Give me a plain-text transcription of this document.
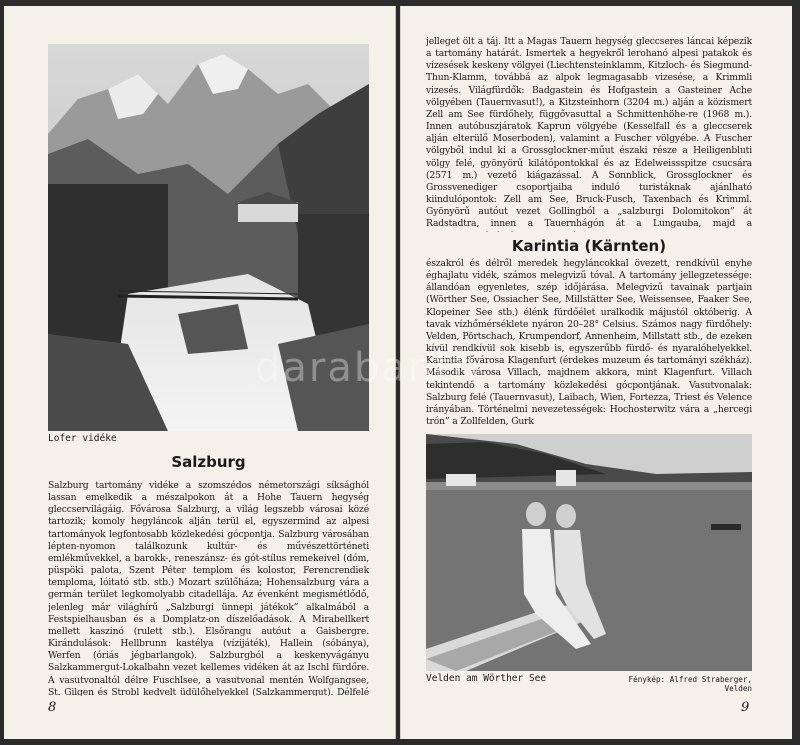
Lofer vidéke
Salzburg
Salzburg tartomány vidéke a szomszédos németországi síksághól lassan emelkedik a mészalpokon át a Hohe Tauern hegység gleccservilágáig. Fővárosa Salzburg, a világ legszebb városai közé tartozik; komoly hegyláncok alján terül el, egyszermind az alpesi tartományok legfontosabb közlekedési gócpontja. Salzburg városában lépten-nyomon találkozunk kultúr- és művészettörténeti emlékművekkel, a barokk-, reneszánsz- és gót-stílus remekeivel (dóm, püspöki palota, Szent Péter templom és kolostor, Ferencrendiek temploma, lóitató stb. stb.) Mozart szülőháza; Hohensalzburg vára a germán terület legkomolyabb citadellája. Az évenként megismétlődő, jelenleg már világhírű „Salzburgi ünnepi játékok” alkalmából a Festspielhausban és a Domplatz-on díszelőadások. A Mirabellkert mellett kaszinó (rulett stb.). Elsőrangu autóut a Gaisbergre. Kirándulások: Hellbrunn kastélya (vízijáték), Hallein (sóbánya), Werfen (óriás jégbarlangok). Salzburgból a keskenyvágányu Salzkammergut-Lokalbahn vezet kellemes vidéken át az Ischl fürdőre. A vasutvonaltól délre Fuschlsee, a vasutvonal mentén Wolfgangsee, St. Gilgen és Strobl kedvelt üdülőhelyekkel (Salzkammergut). Délfelé
8
jelleget ölt a táj. Itt a Magas Tauern hegység gleccseres láncai képezik a tartomány határát. Ismertek a hegyekről lerohanó alpesi patakok és vízesések keskeny völgyei (Liechtensteinklamm, Kitzloch- és Siegmund-Thun-Klamm, továbbá az alpok legmagasabb vizesése, a Krimmli vizesés. Világfürdők: Badgastein és Hofgastein a Gasteiner Ache völgyében (Tauernvasut!), a Kitzsteinhorn (3204 m.) alján a közismert Zell am See fürdőhely, függővasuttal a Schmittenhöhe-re (1968 m.). Innen autóbuszjáratok Kaprun völgyébe (Kesselfall és a gleccserek alján elterülő Moserboden), valamint a Fuscher völgyébe. A Fuscher völgyből indul ki a Grossglockner-műut északi része a Heiligenbluti völgy felé, gyönyörű kilátópontokkal és az Edelweissspitze csucsára (2571 m.) vezető kiágazással. A Sonnblick, Grossglockner és Grossvenediger csoportjaiba induló turistáknak ajánlható kiindulópontok: Zell am See, Bruck-Fusch, Taxenbach és Krimml. Gyönyörű autóut vezet Gollingból a „salzburgi Dolomitokon” át Radstadtra, innen a Tauernhágón át a Lungauba, majd a
Karintia (Kärnten)
északról és délről meredek hegyláncokkal övezett, rendkívül enyhe éghajlatu vidék, számos melegvizű tóval. A tartomány jellegzetessége: állandóan egyenletes, szép időjárása. Melegvizű tavainak partjain (Wörther See, Ossiacher See, Millstätter See, Weissensee, Faaker See, Klopeiner See stb.) élénk fürdőélet uralkodik májustól októberig. A tavak vízhőmérséklete nyáron 20–28° Celsius. Számos nagy fürdőhely: Velden, Pörtschach, Krumpendorf, Annenheim, Millstatt stb., de ezeken kívül rendkívül sok kisebb is, egyszerűbb fürdő- és nyaralóhelyekkel. Karintia fővárosa Klagenfurt (érdekes muzeum és tartományi székház). Második városa Villach, majdnem akkora, mint Klagenfurt. Villach tekintendő a tartomány közlekedési gócpontjának. Vasutvonalak: Salzburg felé (Tauernvasut), Laibach, Wien, Fortezza, Triest és Velence irányában. Történelmi nevezetességek: Hochosterwitz vára a „hercegi trón” a Zollfelden, Gurk
Velden am Wörther See	Fénykép: Alfred Straberger, Velden
9
darabanth
